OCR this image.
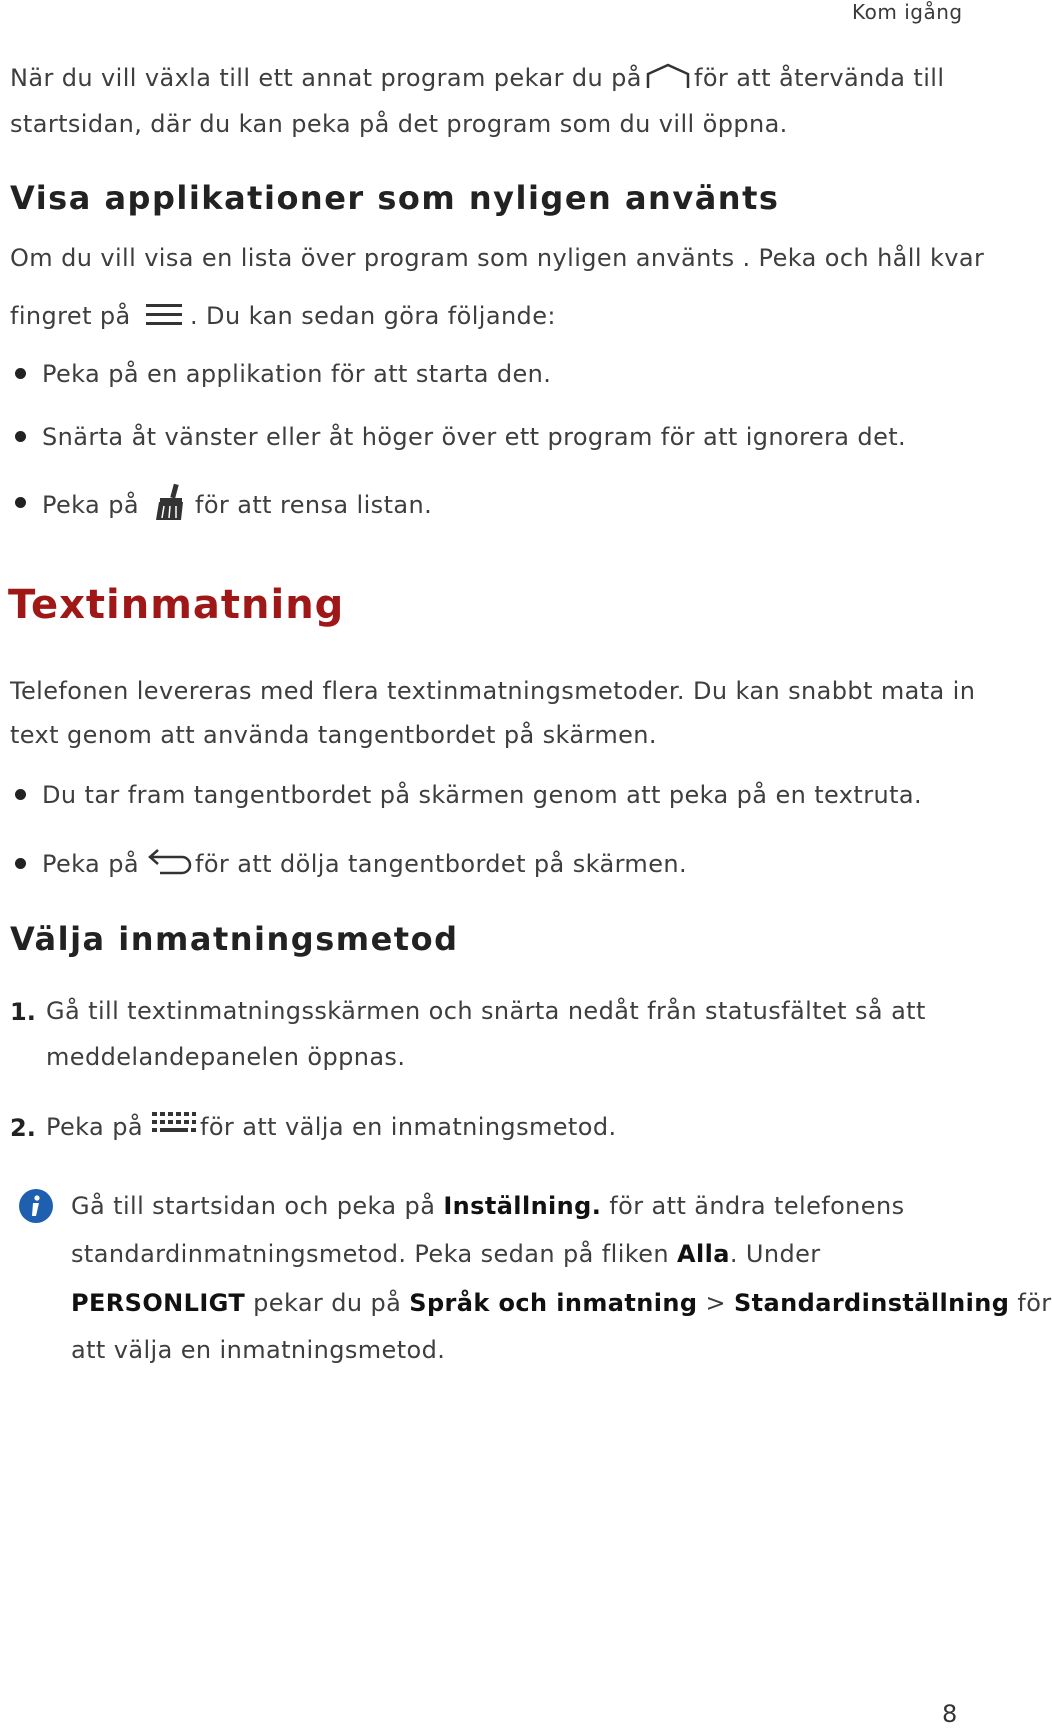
Kom igång
När du vill växla till ett annat program pekar du på för att återvända till
startsidan, där du kan peka på det program som du vill öppna.
Visa applikationer som nyligen använts
Om du vill visa en lista över program som nyligen använts . Peka och håll kvar
fingret på . Du kan sedan göra följande:
Peka på en applikation för att starta den.
Snärta åt vänster eller åt höger över ett program för att ignorera det.
Peka på för att rensa listan.
Textinmatning
Telefonen levereras med flera textinmatningsmetoder. Du kan snabbt mata in
text genom att använda tangentbordet på skärmen.
Du tar fram tangentbordet på skärmen genom att peka på en textruta.
Peka på för att dölja tangentbordet på skärmen.
Välja inmatningsmetod
1. Gå till textinmatningsskärmen och snärta nedåt från statusfältet så att
meddelandepanelen öppnas.
2. Peka på för att välja en inmatningsmetod.
Gå till startsidan och peka på Inställning. för att ändra telefonens
standardinmatningsmetod. Peka sedan på fliken Alla. Under
PERSONLIGT pekar du på Språk och inmatning > Standardinställning för
att välja en inmatningsmetod.
8
